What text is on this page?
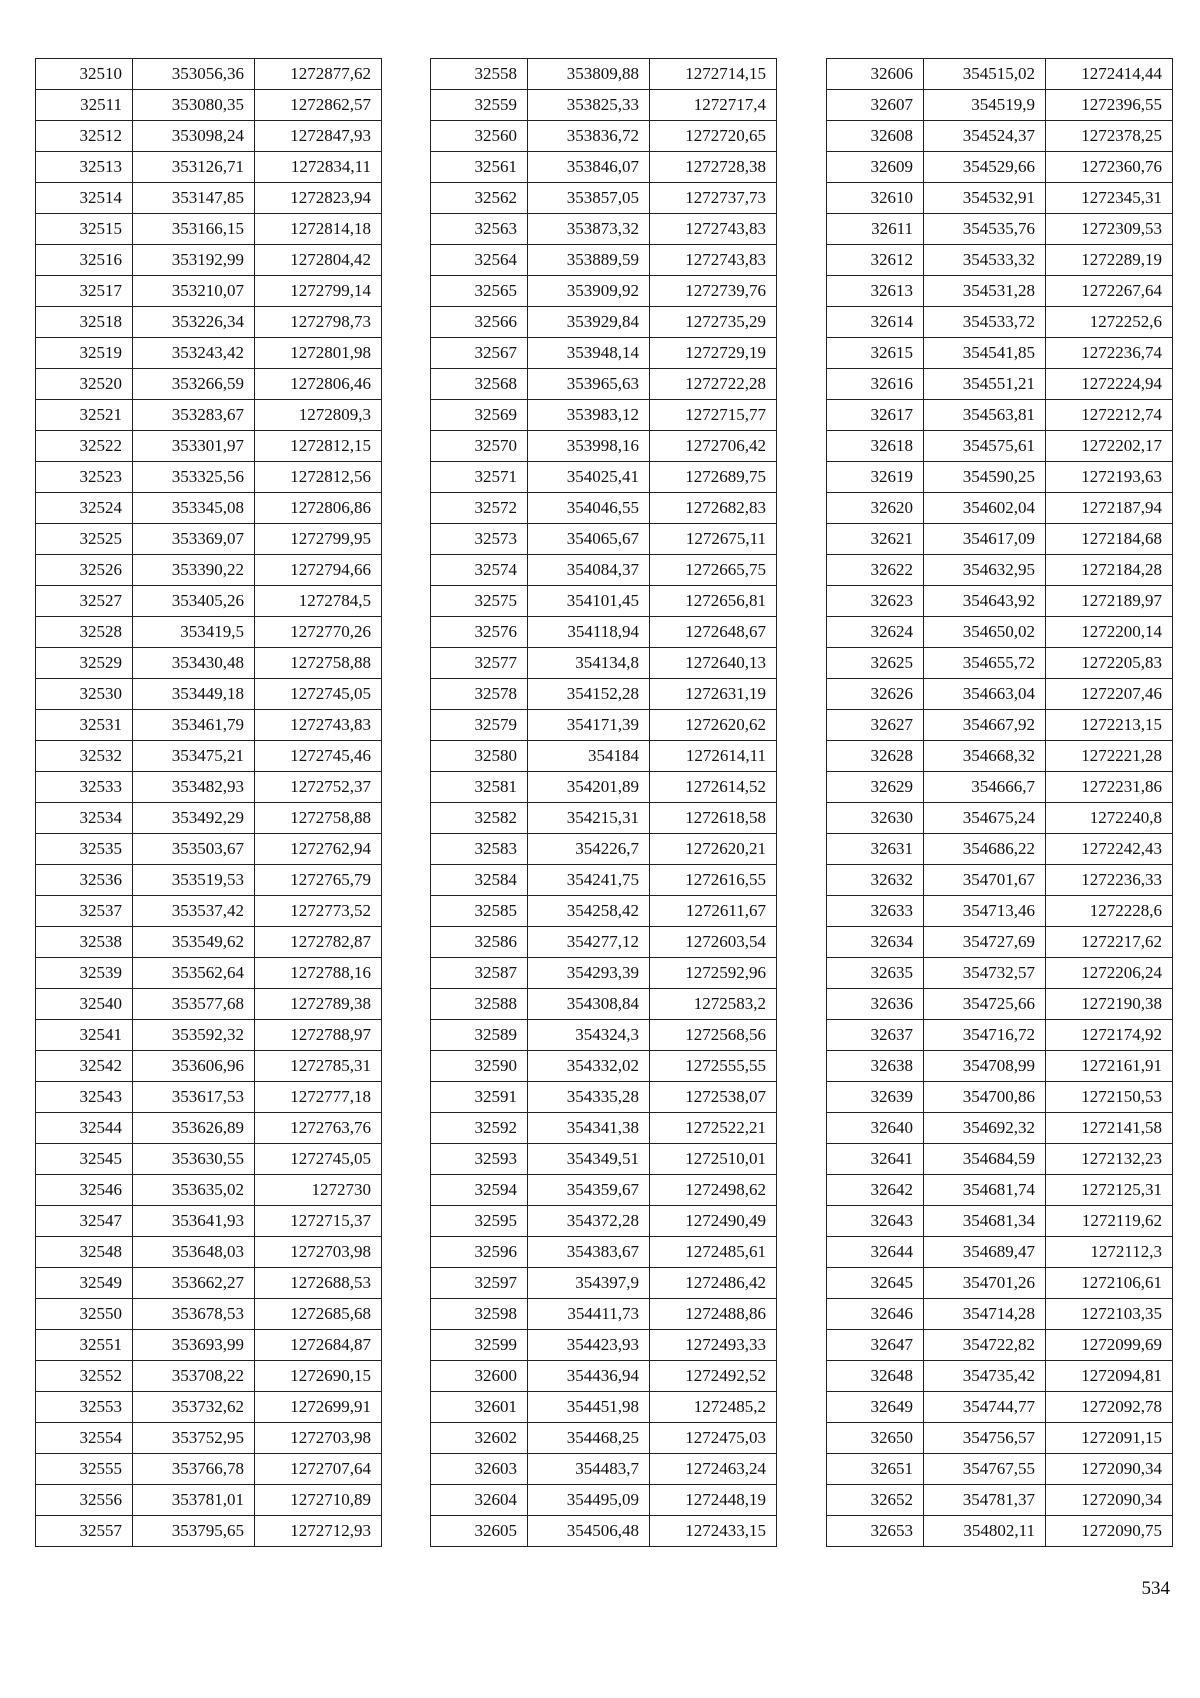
32510	353056,36	1272877,62
32511	353080,35	1272862,57
32512	353098,24	1272847,93
32513	353126,71	1272834,11
32514	353147,85	1272823,94
32515	353166,15	1272814,18
32516	353192,99	1272804,42
32517	353210,07	1272799,14
32518	353226,34	1272798,73
32519	353243,42	1272801,98
32520	353266,59	1272806,46
32521	353283,67	1272809,3
32522	353301,97	1272812,15
32523	353325,56	1272812,56
32524	353345,08	1272806,86
32525	353369,07	1272799,95
32526	353390,22	1272794,66
32527	353405,26	1272784,5
32528	353419,5	1272770,26
32529	353430,48	1272758,88
32530	353449,18	1272745,05
32531	353461,79	1272743,83
32532	353475,21	1272745,46
32533	353482,93	1272752,37
32534	353492,29	1272758,88
32535	353503,67	1272762,94
32536	353519,53	1272765,79
32537	353537,42	1272773,52
32538	353549,62	1272782,87
32539	353562,64	1272788,16
32540	353577,68	1272789,38
32541	353592,32	1272788,97
32542	353606,96	1272785,31
32543	353617,53	1272777,18
32544	353626,89	1272763,76
32545	353630,55	1272745,05
32546	353635,02	1272730
32547	353641,93	1272715,37
32548	353648,03	1272703,98
32549	353662,27	1272688,53
32550	353678,53	1272685,68
32551	353693,99	1272684,87
32552	353708,22	1272690,15
32553	353732,62	1272699,91
32554	353752,95	1272703,98
32555	353766,78	1272707,64
32556	353781,01	1272710,89
32557	353795,65	1272712,93
32558	353809,88	1272714,15
32559	353825,33	1272717,4
32560	353836,72	1272720,65
32561	353846,07	1272728,38
32562	353857,05	1272737,73
32563	353873,32	1272743,83
32564	353889,59	1272743,83
32565	353909,92	1272739,76
32566	353929,84	1272735,29
32567	353948,14	1272729,19
32568	353965,63	1272722,28
32569	353983,12	1272715,77
32570	353998,16	1272706,42
32571	354025,41	1272689,75
32572	354046,55	1272682,83
32573	354065,67	1272675,11
32574	354084,37	1272665,75
32575	354101,45	1272656,81
32576	354118,94	1272648,67
32577	354134,8	1272640,13
32578	354152,28	1272631,19
32579	354171,39	1272620,62
32580	354184	1272614,11
32581	354201,89	1272614,52
32582	354215,31	1272618,58
32583	354226,7	1272620,21
32584	354241,75	1272616,55
32585	354258,42	1272611,67
32586	354277,12	1272603,54
32587	354293,39	1272592,96
32588	354308,84	1272583,2
32589	354324,3	1272568,56
32590	354332,02	1272555,55
32591	354335,28	1272538,07
32592	354341,38	1272522,21
32593	354349,51	1272510,01
32594	354359,67	1272498,62
32595	354372,28	1272490,49
32596	354383,67	1272485,61
32597	354397,9	1272486,42
32598	354411,73	1272488,86
32599	354423,93	1272493,33
32600	354436,94	1272492,52
32601	354451,98	1272485,2
32602	354468,25	1272475,03
32603	354483,7	1272463,24
32604	354495,09	1272448,19
32605	354506,48	1272433,15
32606	354515,02	1272414,44
32607	354519,9	1272396,55
32608	354524,37	1272378,25
32609	354529,66	1272360,76
32610	354532,91	1272345,31
32611	354535,76	1272309,53
32612	354533,32	1272289,19
32613	354531,28	1272267,64
32614	354533,72	1272252,6
32615	354541,85	1272236,74
32616	354551,21	1272224,94
32617	354563,81	1272212,74
32618	354575,61	1272202,17
32619	354590,25	1272193,63
32620	354602,04	1272187,94
32621	354617,09	1272184,68
32622	354632,95	1272184,28
32623	354643,92	1272189,97
32624	354650,02	1272200,14
32625	354655,72	1272205,83
32626	354663,04	1272207,46
32627	354667,92	1272213,15
32628	354668,32	1272221,28
32629	354666,7	1272231,86
32630	354675,24	1272240,8
32631	354686,22	1272242,43
32632	354701,67	1272236,33
32633	354713,46	1272228,6
32634	354727,69	1272217,62
32635	354732,57	1272206,24
32636	354725,66	1272190,38
32637	354716,72	1272174,92
32638	354708,99	1272161,91
32639	354700,86	1272150,53
32640	354692,32	1272141,58
32641	354684,59	1272132,23
32642	354681,74	1272125,31
32643	354681,34	1272119,62
32644	354689,47	1272112,3
32645	354701,26	1272106,61
32646	354714,28	1272103,35
32647	354722,82	1272099,69
32648	354735,42	1272094,81
32649	354744,77	1272092,78
32650	354756,57	1272091,15
32651	354767,55	1272090,34
32652	354781,37	1272090,34
32653	354802,11	1272090,75
534
